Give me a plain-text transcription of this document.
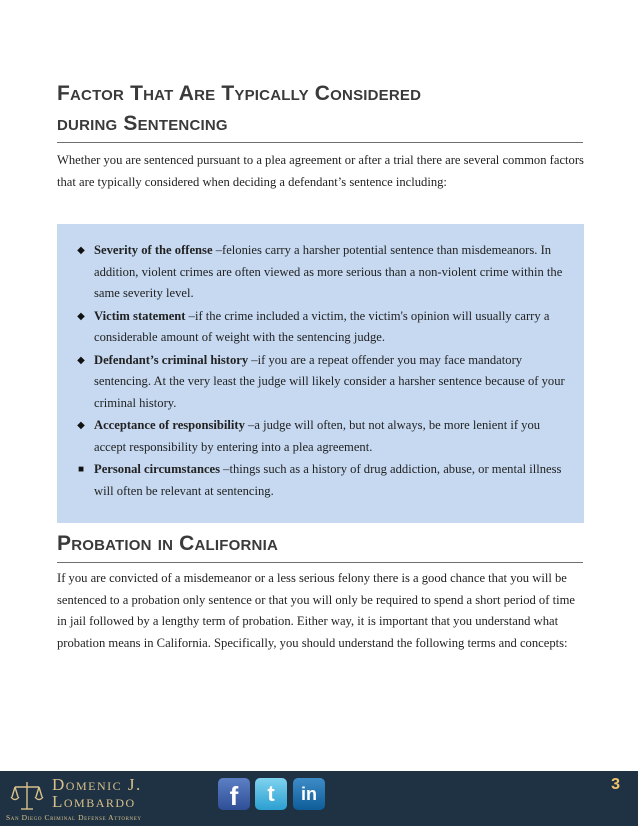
Factor That Are Typically Considered
during Sentencing

Whether you are sentenced pursuant to a plea agreement or after a trial there are several common factors that are typically considered when deciding a defendant’s sentence including:

◆ Severity of the offense –felonies carry a harsher potential sentence than misdemeanors. In addition, violent crimes are often viewed as more serious than a non-violent crime within the same severity level.
◆ Victim statement –if the crime included a victim, the victim's opinion will usually carry a considerable amount of weight with the sentencing judge.
◆ Defendant’s criminal history –if you are a repeat offender you may face mandatory sentencing. At the very least the judge will likely consider a harsher sentence because of your criminal history.
◆ Acceptance of responsibility –a judge will often, but not always, be more lenient if you accept responsibility by entering into a plea agreement.
■ Personal circumstances –things such as a history of drug addiction, abuse, or mental illness will often be relevant at sentencing.
Probation in California

If you are convicted of a misdemeanor or a less serious felony there is a good chance that you will be sentenced to a probation only sentence or that you will only be required to spend a short period of time in jail followed by a lengthy term of probation. Either way, it is important that you understand what probation means in California. Specifically, you should understand the following terms and concepts:

Domenic J.
Lombardo
San Diego Criminal Defense Attorney
f	t	in	3
